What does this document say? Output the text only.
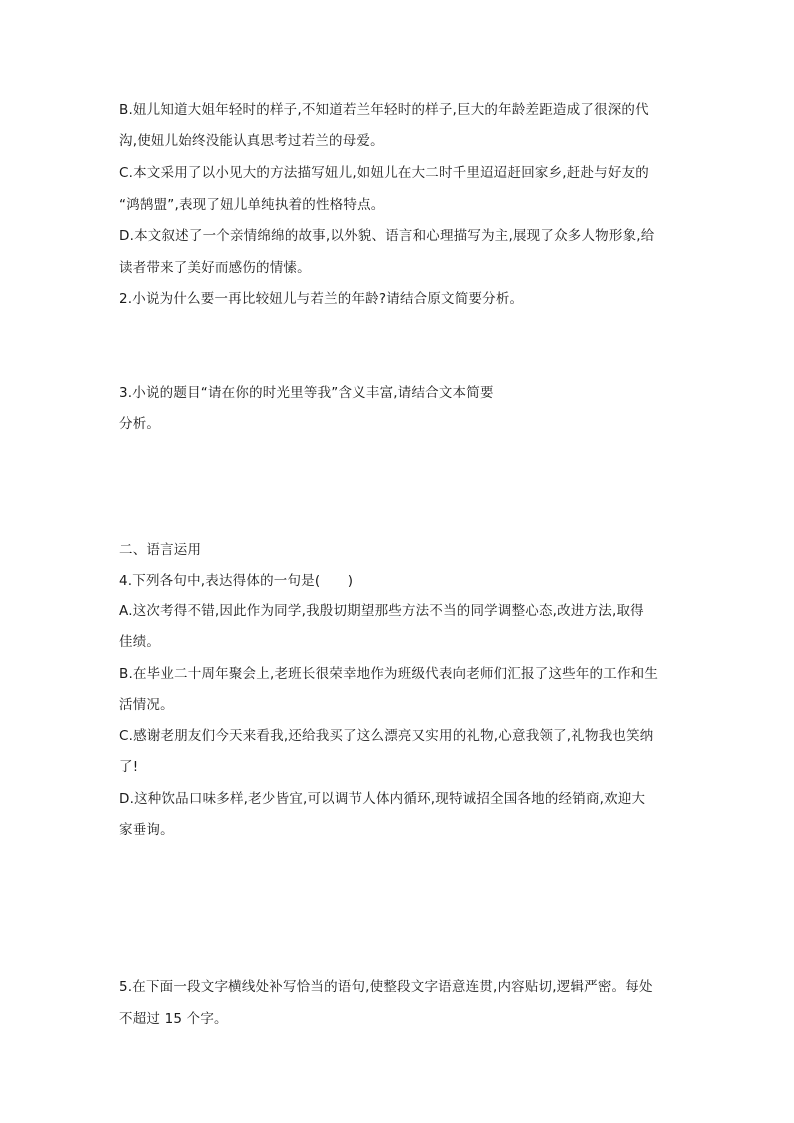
B.妞儿知道大姐年轻时的样子,不知道若兰年轻时的样子,巨大的年龄差距造成了很深的代
沟,使妞儿始终没能认真思考过若兰的母爱。
C.本文采用了以小见大的方法描写妞儿,如妞儿在大二时千里迢迢赶回家乡,赶赴与好友的
“鸿鹄盟”,表现了妞儿单纯执着的性格特点。
D.本文叙述了一个亲情绵绵的故事,以外貌、语言和心理描写为主,展现了众多人物形象,给
读者带来了美好而感伤的情愫。
2.小说为什么要一再比较妞儿与若兰的年龄?请结合原文简要分析。
3.小说的题目“请在你的时光里等我”含义丰富,请结合文本简要
分析。
二、语言运用
4.下列各句中,表达得体的一句是(　　)
A.这次考得不错,因此作为同学,我殷切期望那些方法不当的同学调整心态,改进方法,取得
佳绩。
B.在毕业二十周年聚会上,老班长很荣幸地作为班级代表向老师们汇报了这些年的工作和生
活情况。
C.感谢老朋友们今天来看我,还给我买了这么漂亮又实用的礼物,心意我领了,礼物我也笑纳
了!
D.这种饮品口味多样,老少皆宜,可以调节人体内循环,现特诚招全国各地的经销商,欢迎大
家垂询。
5.在下面一段文字横线处补写恰当的语句,使整段文字语意连贯,内容贴切,逻辑严密。每处
不超过 15 个字。
